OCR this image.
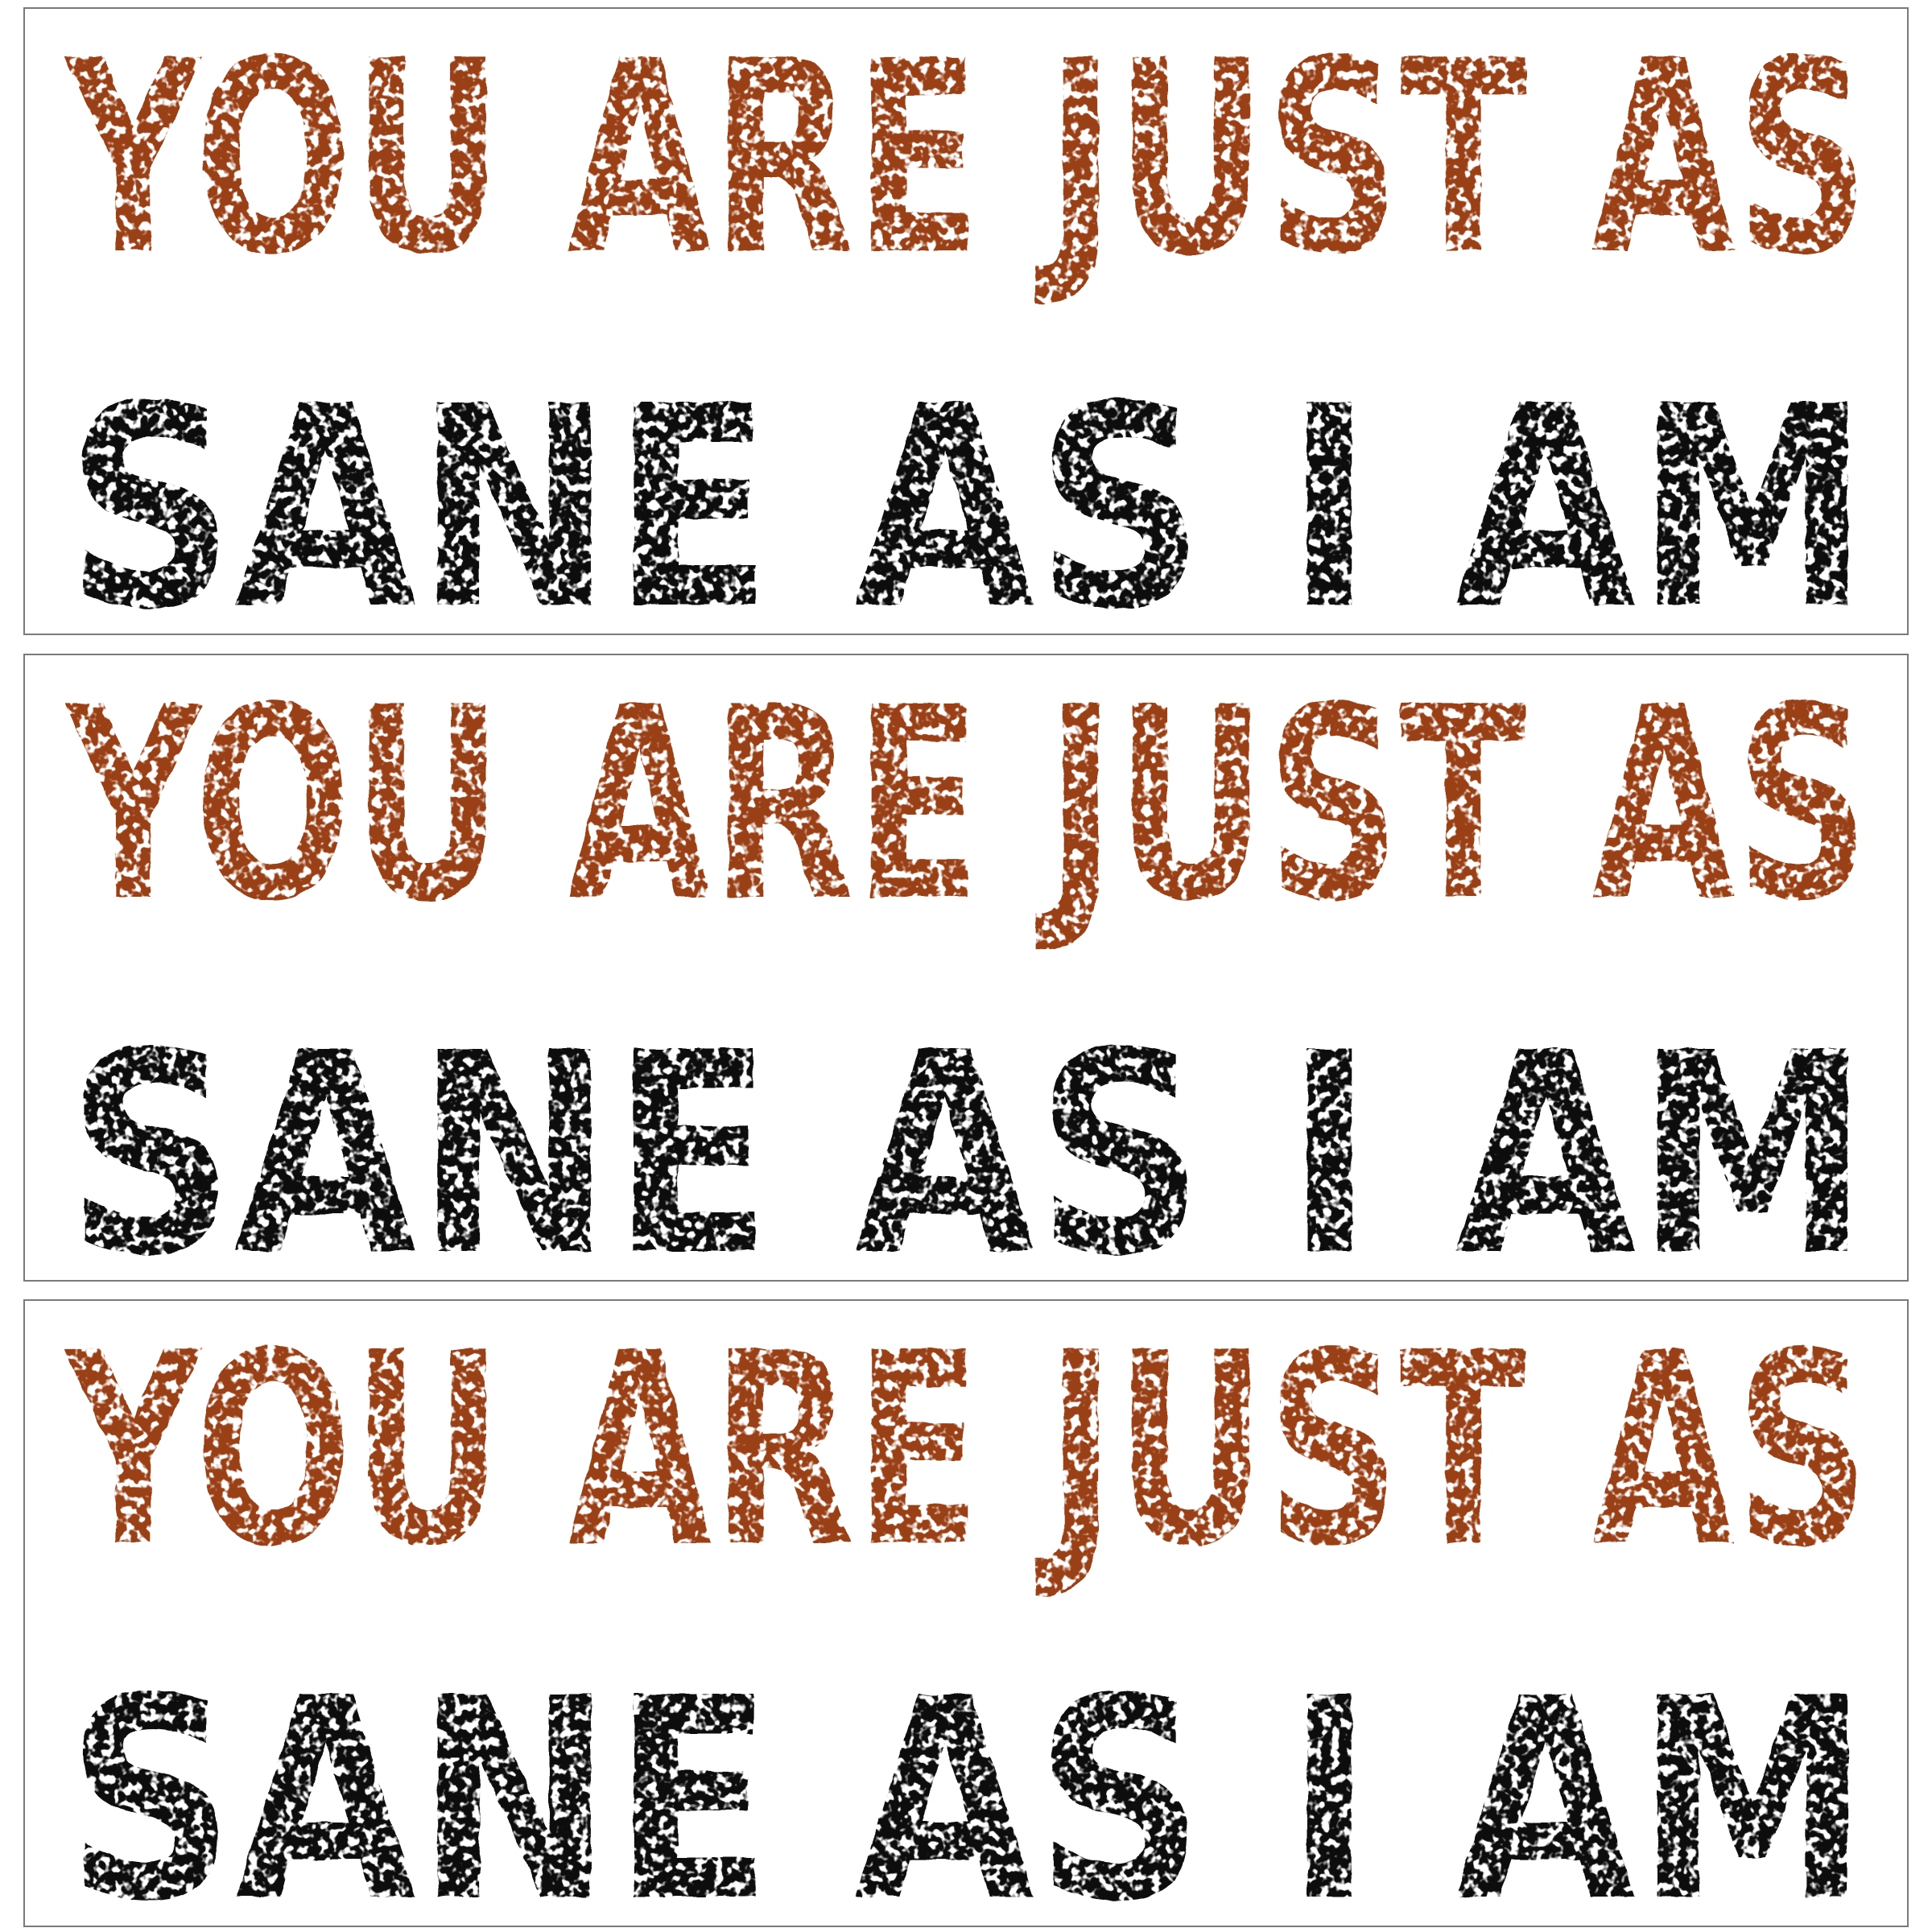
YOU ARE JUST AS
SANE AS I AM
YOU ARE JUST AS
SANE AS I AM
YOU ARE JUST AS
SANE AS I AM
